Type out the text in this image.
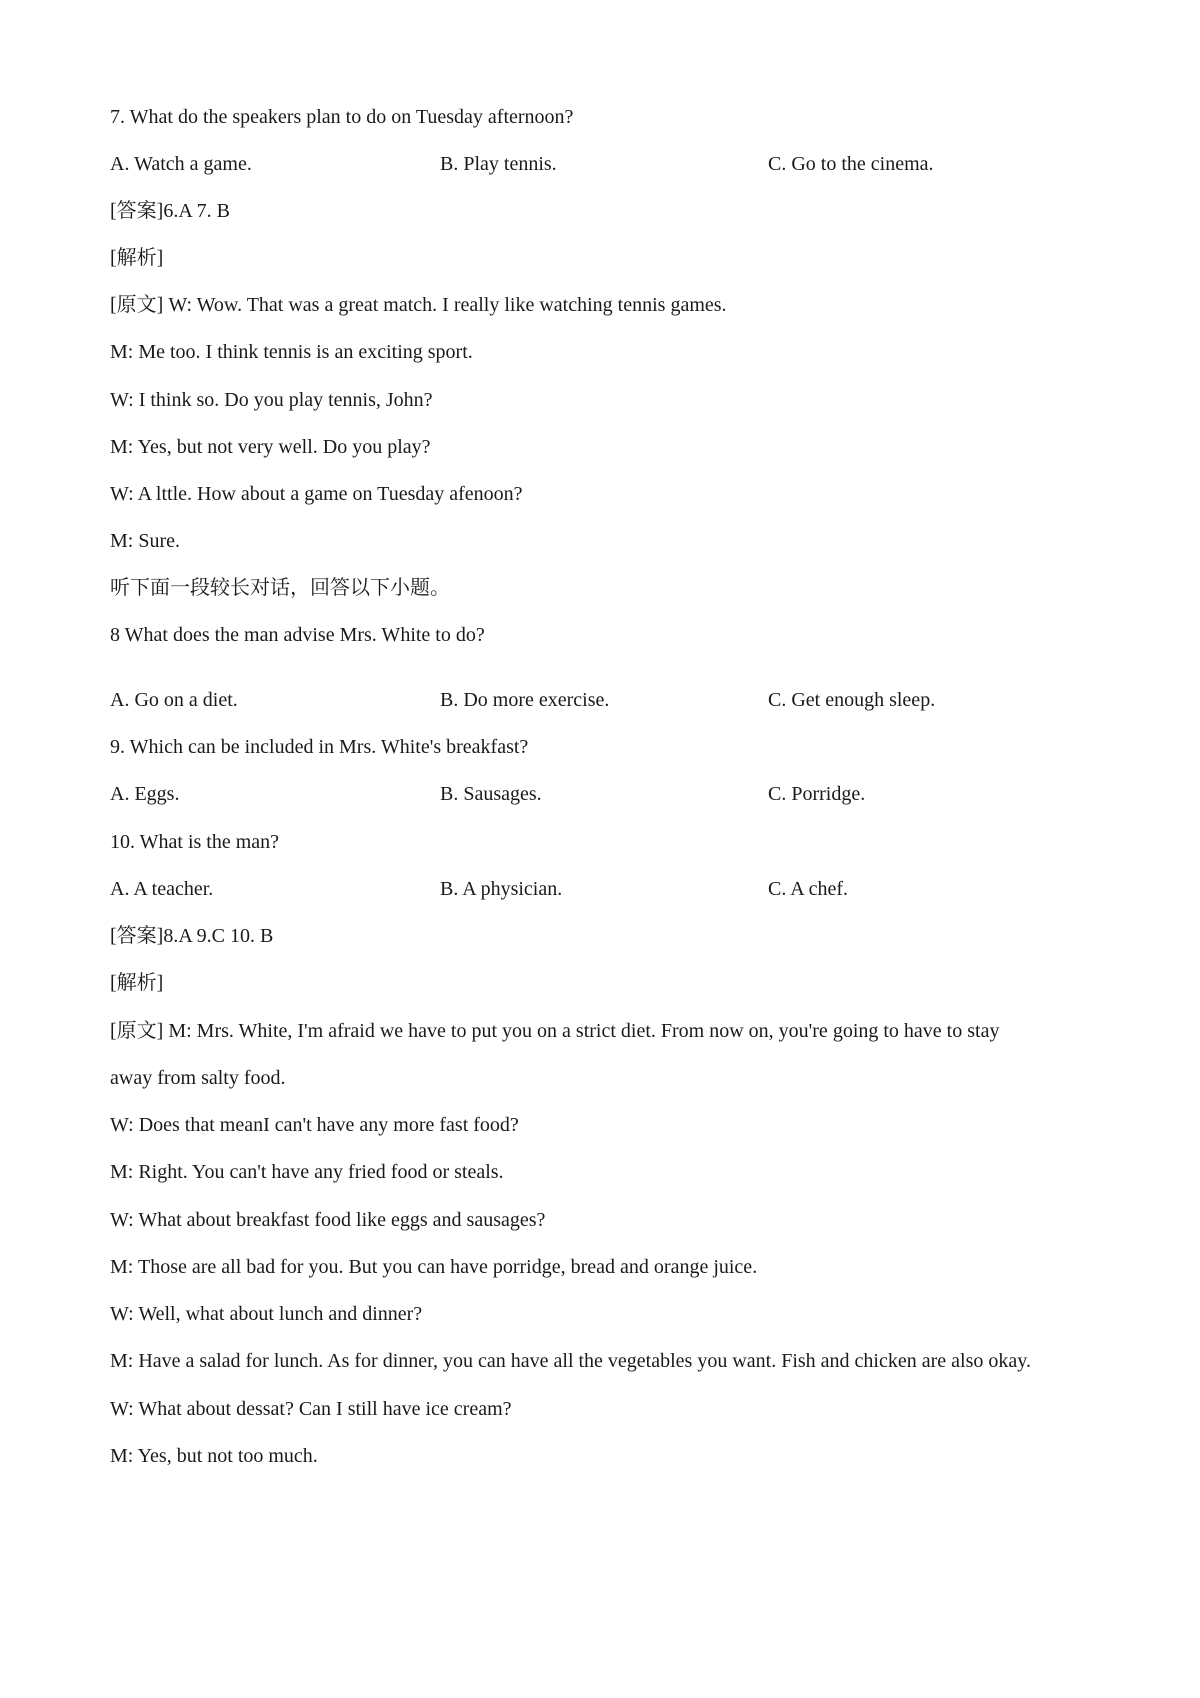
7. What do the speakers plan to do on Tuesday afternoon?
A. Watch a game.	B. Play tennis.	C. Go to the cinema.
[答案]6.A 7. B
[解析]
[原文] W: Wow. That was a great match. I really like watching tennis games.
M: Me too. I think tennis is an exciting sport.
W: I think so. Do you play tennis, John?
M: Yes, but not very well. Do you play?
W: A lttle. How about a game on Tuesday afenoon?
M: Sure.
听下面一段较长对话，回答以下小题。
8 What does the man advise Mrs. White to do?
A. Go on a diet.	B. Do more exercise.	C. Get enough sleep.
9. Which can be included in Mrs. White's breakfast?
A. Eggs.	B. Sausages.	C. Porridge.
10. What is the man?
A. A teacher.	B. A physician.	C. A chef.
[答案]8.A 9.C 10. B
[解析]
[原文] M: Mrs. White, I'm afraid we have to put you on a strict diet. From now on, you're going to have to stay
away from salty food.
W: Does that meanI can't have any more fast food?
M: Right. You can't have any fried food or steals.
W: What about breakfast food like eggs and sausages?
M: Those are all bad for you. But you can have porridge, bread and orange juice.
W: Well, what about lunch and dinner?
M: Have a salad for lunch. As for dinner, you can have all the vegetables you want. Fish and chicken are also okay.
W: What about dessat? Can I still have ice cream?
M: Yes, but not too much.
